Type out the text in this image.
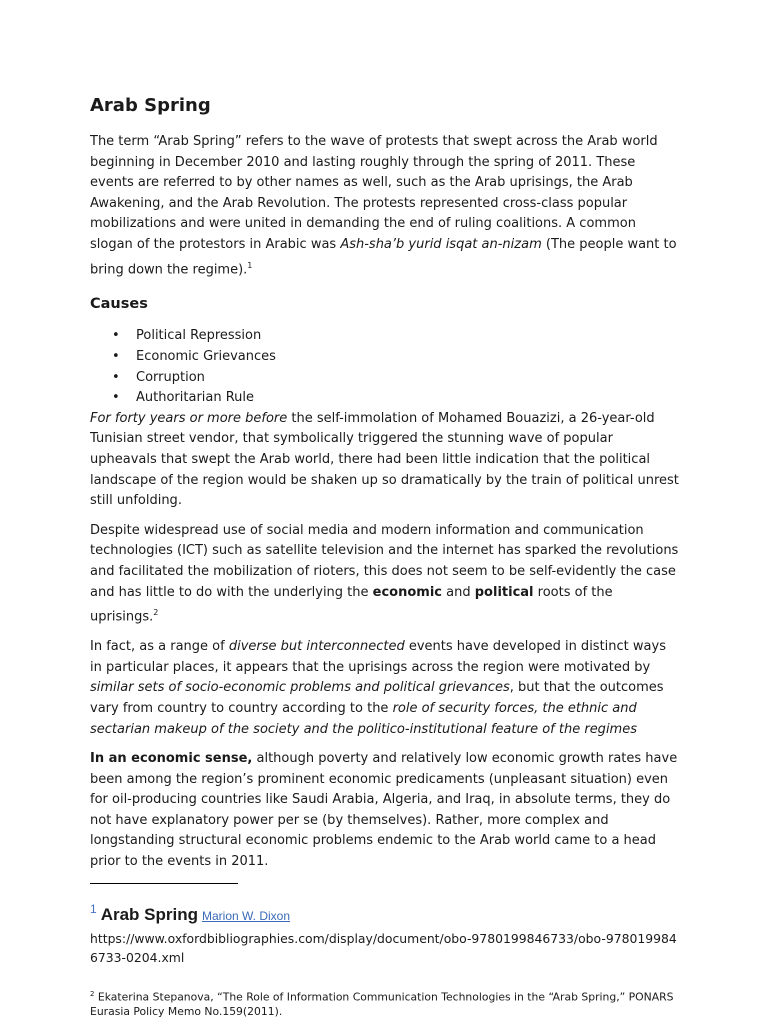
Arab Spring

The term “Arab Spring” refers to the wave of protests that swept across the Arab world beginning in December 2010 and lasting roughly through the spring of 2011. These events are referred to by other names as well, such as the Arab uprisings, the Arab Awakening, and the Arab Revolution. The protests represented cross-class popular mobilizations and were united in demanding the end of ruling coalitions. A common slogan of the protestors in Arabic was Ash-sha’b yurid isqat an-nizam (The people want to bring down the regime).$^1$

Causes
• Political Repression
• Economic Grievances
• Corruption
• Authoritarian Rule

For forty years or more before the self-immolation of Mohamed Bouazizi, a 26-year-old Tunisian street vendor, that symbolically triggered the stunning wave of popular upheavals that swept the Arab world, there had been little indication that the political landscape of the region would be shaken up so dramatically by the train of political unrest still unfolding.

Despite widespread use of social media and modern information and communication technologies (ICT) such as satellite television and the internet has sparked the revolutions and facilitated the mobilization of rioters, this does not seem to be self-evidently the case and has little to do with the underlying the economic and political roots of the uprisings.$^2$

In fact, as a range of diverse but interconnected events have developed in distinct ways in particular places, it appears that the uprisings across the region were motivated by similar sets of socio-economic problems and political grievances, but that the outcomes vary from country to country according to the role of security forces, the ethnic and sectarian makeup of the society and the politico-institutional feature of the regimes

In an economic sense, although poverty and relatively low economic growth rates have been among the region’s prominent economic predicaments (unpleasant situation) even for oil-producing countries like Saudi Arabia, Algeria, and Iraq, in absolute terms, they do not have explanatory power per se (by themselves). Rather, more complex and longstanding structural economic problems endemic to the Arab world came to a head prior to the events in 2011.

$^1$ Arab Spring Marion W. Dixon
https://www.oxfordbibliographies.com/display/document/obo-9780199846733/obo-9780199846733-0204.xml
$^2$ Ekaterina Stepanova, “The Role of Information Communication Technologies in the “Arab Spring,” PONARS Eurasia Policy Memo No.159(2011).
